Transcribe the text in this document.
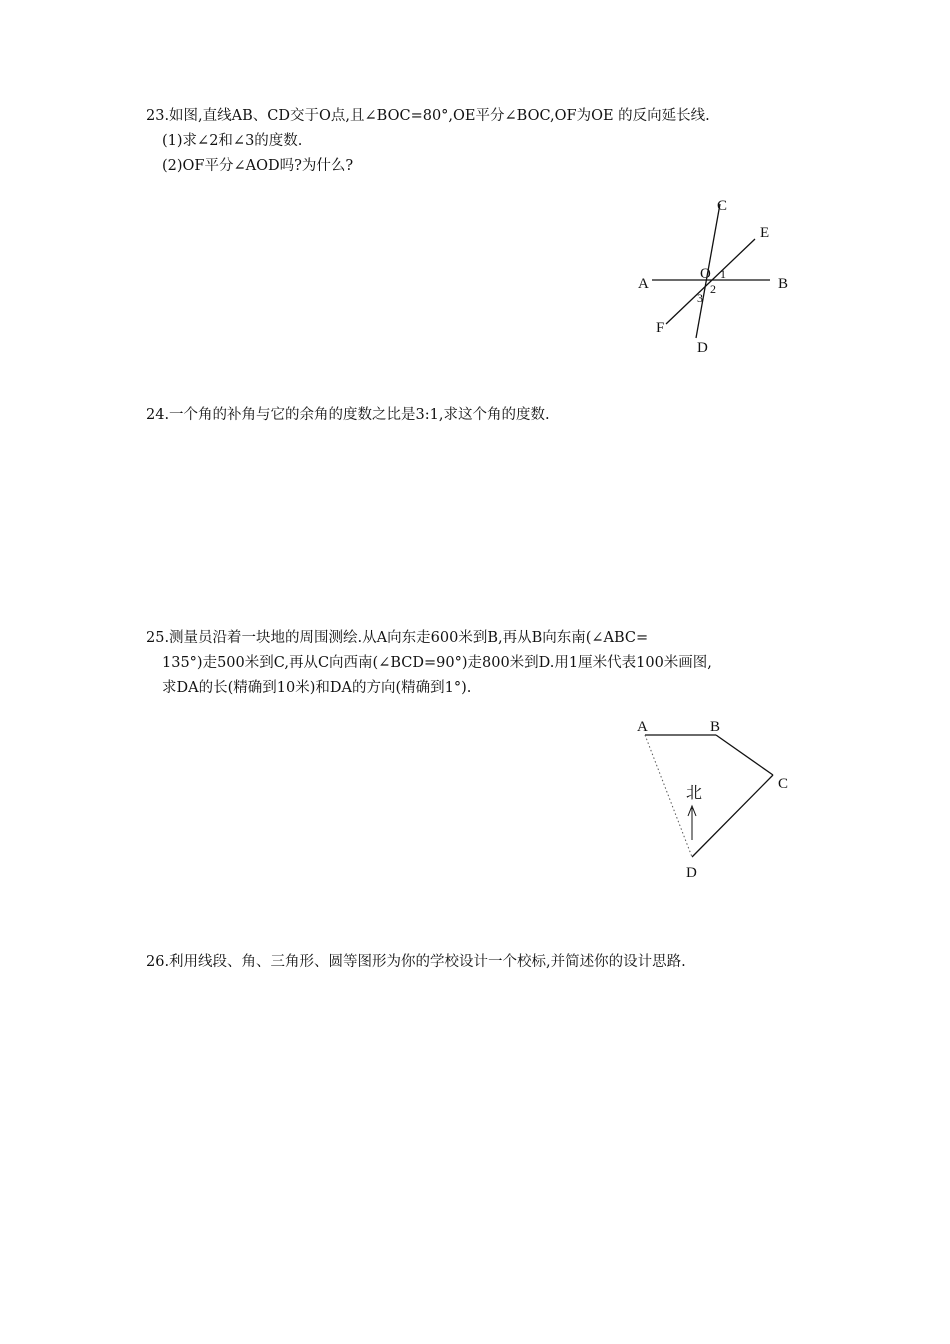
23.如图,直线AB、CD交于O点,且∠BOC=80°,OE平分∠BOC,OF为OE 的反向延长线.
(1)求∠2和∠3的度数.
(2)OF平分∠AOD吗?为什么?
C
E
A	B
O 1
2
3
F
D
24.一个角的补角与它的余角的度数之比是3:1,求这个角的度数.
25.测量员沿着一块地的周围测绘.从A向东走600米到B,再从B向东南(∠ABC=
135°)走500米到C,再从C向西南(∠BCD=90°)走800米到D.用1厘米代表100米画图,
求DA的长(精确到10米)和DA的方向(精确到1°).
A	B
C
北
D
26.利用线段、角、三角形、圆等图形为你的学校设计一个校标,并简述你的设计思路.
